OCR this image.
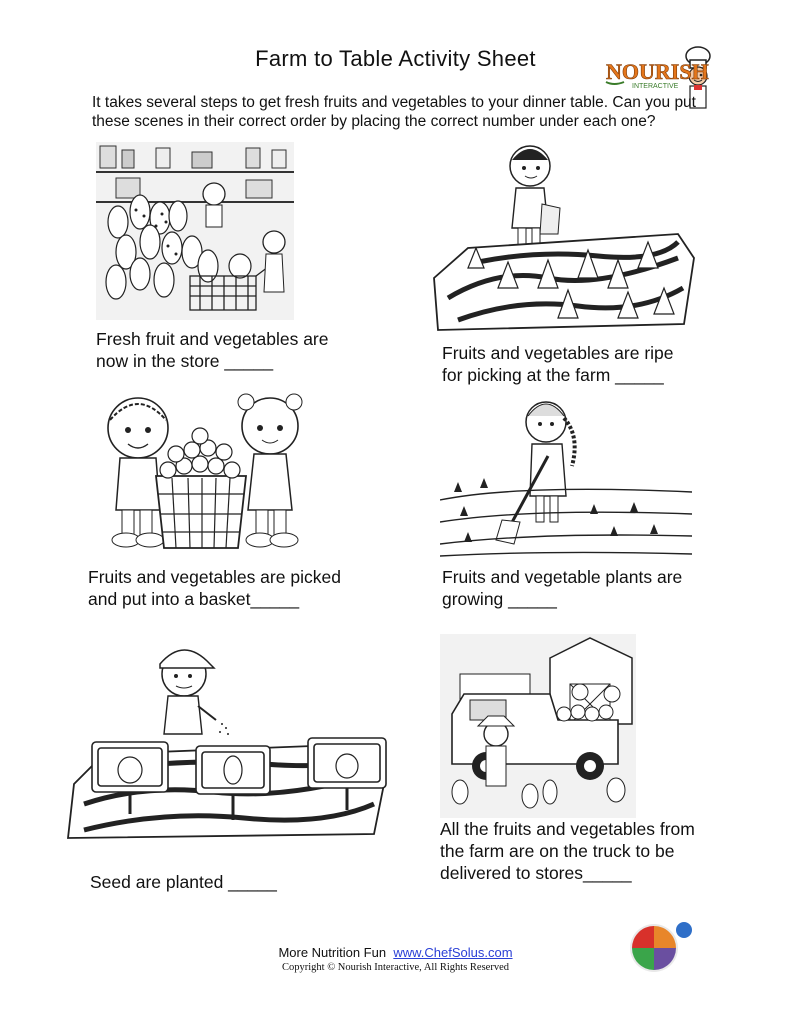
Farm to Table Activity Sheet
NOURISH
INTERACTIVE
It takes several steps to get fresh fruits and vegetables to your dinner table. Can you put these scenes in their correct order by placing the correct number under each one?
Fresh fruit and vegetables are now in the store _____	Fruits and vegetables are ripe for picking at the farm _____
Fruits and vegetables are picked and put into a basket_____
Fruits and vegetable plants are growing _____
Seed are planted _____
All the fruits and vegetables from the farm are on the truck to be delivered to stores_____
More Nutrition Fun www.ChefSolus.com
Copyright © Nourish Interactive, All Rights Reserved
